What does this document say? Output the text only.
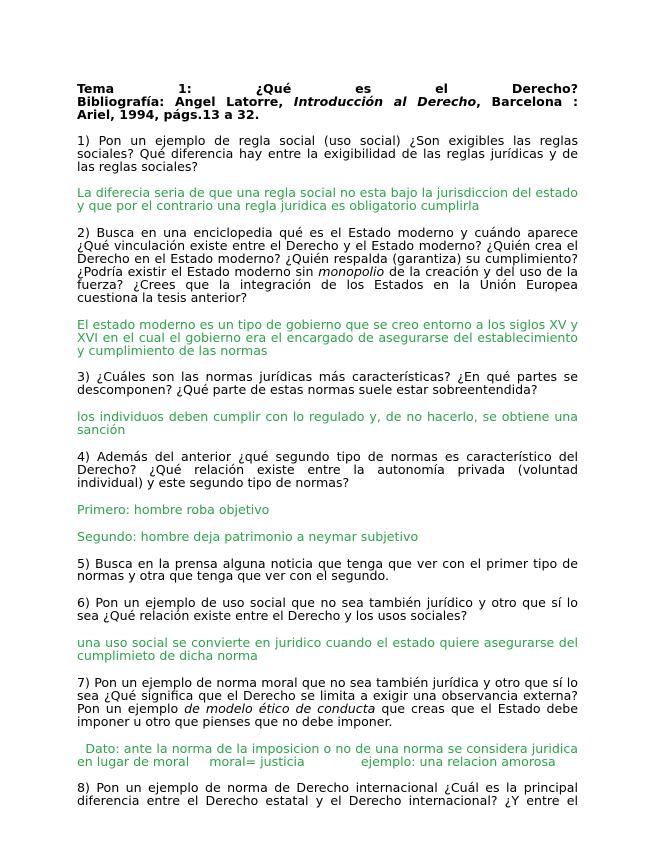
Tema	1:	¿Qué	es	el	Derecho?

Bibliografía: Angel Latorre, Introducción al Derecho, Barcelona :

Ariel, 1994, págs.13 a 32.

1) Pon un ejemplo de regla social (uso social) ¿Son exigibles las reglas sociales? Qué diferencia hay entre la exigibilidad de las reglas jurídicas y de las reglas sociales?

La diferecia seria de que una regla social no esta bajo la jurisdiccion del estado y que por el contrario una regla juridica es obligatorio cumplirla

2) Busca en una enciclopedia qué es el Estado moderno y cuándo aparece ¿Qué vinculación existe entre el Derecho y el Estado moderno? ¿Quién crea el Derecho en el Estado moderno? ¿Quién respalda (garantiza) su cumplimiento? ¿Podría existir el Estado moderno sin monopolio de la creación y del uso de la fuerza? ¿Crees que la integración de los Estados en la Unión Europea cuestiona la tesis anterior?

El estado moderno es un tipo de gobierno que se creo entorno a los siglos XV y XVI en el cual el gobierno era el encargado de asegurarse del establecimiento y cumplimiento de las normas

3) ¿Cuáles son las normas jurídicas más características? ¿En qué partes se descomponen? ¿Qué parte de estas normas suele estar sobreentendida?

los individuos deben cumplir con lo regulado y, de no hacerlo, se obtiene una sanción

4) Además del anterior ¿qué segundo tipo de normas es característico del Derecho? ¿Qué relación existe entre la autonomía privada (voluntad individual) y este segundo tipo de normas?

Primero: hombre roba objetivo

Segundo: hombre deja patrimonio a neymar subjetivo

5) Busca en la prensa alguna noticia que tenga que ver con el primer tipo de normas y otra que tenga que ver con el segundo.

6) Pon un ejemplo de uso social que no sea también jurídico y otro que sí lo sea ¿Qué relación existe entre el Derecho y los usos sociales?

una uso social se convierte en juridico cuando el estado quiere asegurarse del cumplimieto de dicha norma

7) Pon un ejemplo de norma moral que no sea también jurídica y otro que sí lo sea ¿Qué significa que el Derecho se limita a exigir una observancia externa? Pon un ejemplo de modelo ético de conducta que creas que el Estado debe imponer u otro que pienses que no debe imponer.

Dato: ante la norma de la imposicion o no de una norma se considera juridica en lugar de moral     moral= justicia              ejemplo: una relacion amorosa

8) Pon un ejemplo de norma de Derecho internacional ¿Cuál es la principal diferencia entre el Derecho estatal y el Derecho internacional? ¿Y entre el
